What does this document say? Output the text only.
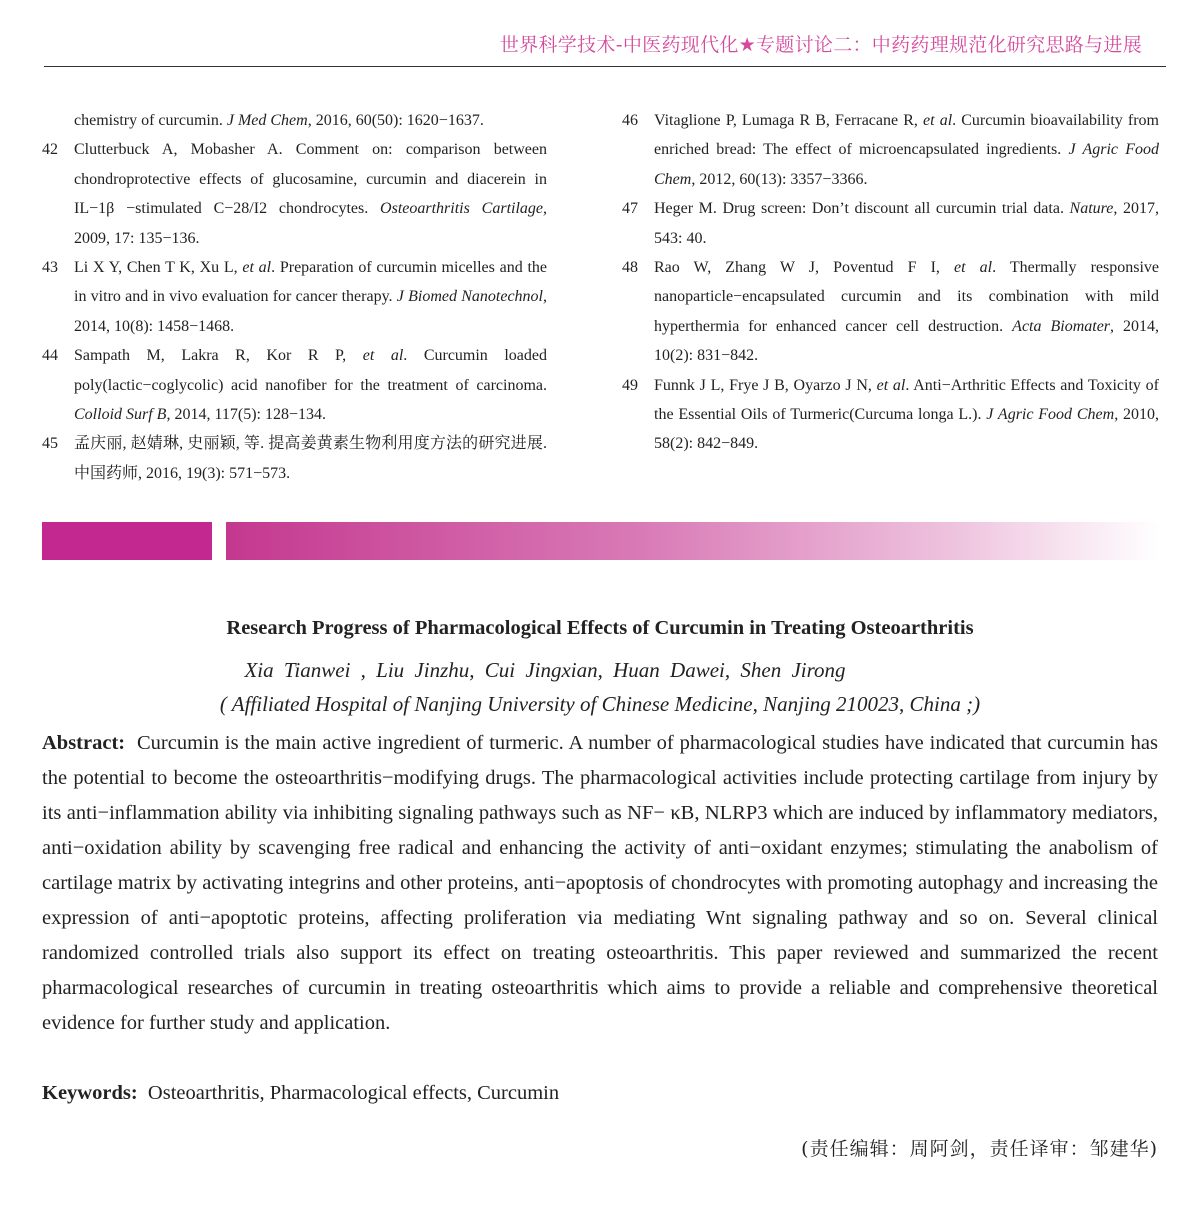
世界科学技术-中医药现代化★专题讨论二：中药药理规范化研究思路与进展
chemistry of curcumin. J Med Chem, 2016, 60(50): 1620−1637.
42 Clutterbuck A, Mobasher A. Comment on: comparison between chondroprotective effects of glucosamine, curcumin and diacerein in IL−1β −stimulated C−28/I2 chondrocytes. Osteoarthritis Cartilage, 2009, 17: 135−136.
43 Li X Y, Chen T K, Xu L, et al. Preparation of curcumin micelles and the in vitro and in vivo evaluation for cancer therapy. J Biomed Nanotechnol, 2014, 10(8): 1458−1468.
44 Sampath M, Lakra R, Kor R P, et al. Curcumin loaded poly(lactic−coglycolic) acid nanofiber for the treatment of carcinoma. Colloid Surf B, 2014, 117(5): 128−134.
45 孟庆丽, 赵婧琳, 史丽颖, 等. 提高姜黄素生物利用度方法的研究进展. 中国药师, 2016, 19(3): 571−573.
46 Vitaglione P, Lumaga R B, Ferracane R, et al. Curcumin bioavailability from enriched bread: The effect of microencapsulated ingredients. J Agric Food Chem, 2012, 60(13): 3357−3366.
47 Heger M. Drug screen: Don’t discount all curcumin trial data. Nature, 2017, 543: 40.
48 Rao W, Zhang W J, Poventud F I, et al. Thermally responsive nanoparticle−encapsulated curcumin and its combination with mild hyperthermia for enhanced cancer cell destruction. Acta Biomater, 2014, 10(2): 831−842.
49 Funnk J L, Frye J B, Oyarzo J N, et al. Anti−Arthritic Effects and Toxicity of the Essential Oils of Turmeric(Curcuma longa L.). J Agric Food Chem, 2010, 58(2): 842−849.
Research Progress of Pharmacological Effects of Curcumin in Treating Osteoarthritis
Xia Tianwei , Liu Jinzhu, Cui Jingxian, Huan Dawei, Shen Jirong
( Affiliated Hospital of Nanjing University of Chinese Medicine, Nanjing 210023, China ;)
Abstract: Curcumin is the main active ingredient of turmeric. A number of pharmacological studies have indicated that curcumin has the potential to become the osteoarthritis−modifying drugs. The pharmacological activities include protecting cartilage from injury by its anti−inflammation ability via inhibiting signaling pathways such as NF− κB, NLRP3 which are induced by inflammatory mediators, anti−oxidation ability by scavenging free radical and enhancing the activity of anti−oxidant enzymes; stimulating the anabolism of cartilage matrix by activating integrins and other proteins, anti−apoptosis of chondrocytes with promoting autophagy and increasing the expression of anti−apoptotic proteins, affecting proliferation via mediating Wnt signaling pathway and so on. Several clinical randomized controlled trials also support its effect on treating osteoarthritis. This paper reviewed and summarized the recent pharmacological researches of curcumin in treating osteoarthritis which aims to provide a reliable and comprehensive theoretical evidence for further study and application.
Keywords: Osteoarthritis, Pharmacological effects, Curcumin
(责任编辑：周阿剑，责任译审：邹建华)
